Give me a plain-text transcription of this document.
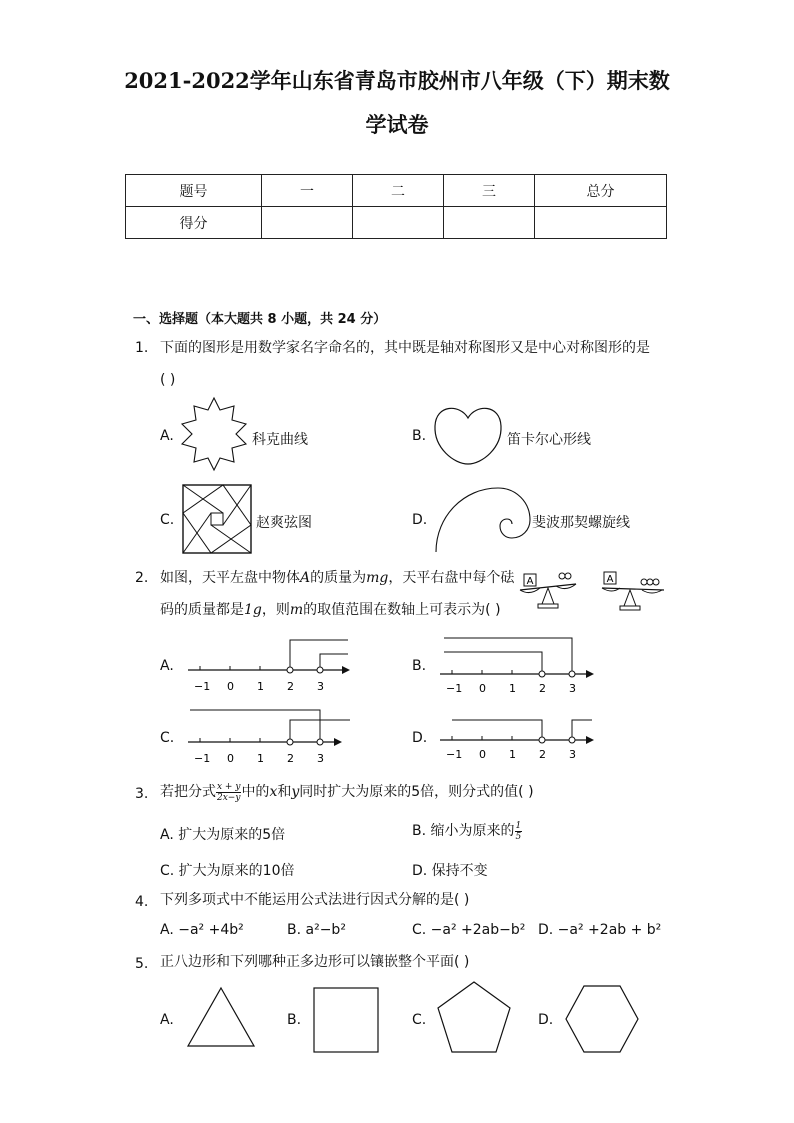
2021-2022学年山东省青岛市胶州市八年级（下）期末数
学试卷
题号	一	二	三	总分
得分				
一、选择题（本大题共 8 小题，共 24 分）
1. 下面的图形是用数学家名字命名的，其中既是轴对称图形又是中心对称图形的是
( )
A.	科克曲线	B.	笛卡尔心形线
C.	赵爽弦图	D.	斐波那契螺旋线
2. 如图，天平左盘中物体A的质量为mg，天平右盘中每个砝
码的质量都是1g，则m的取值范围在数轴上可表示为( )
A	A
A.
−1 0 1 2 3
B.
−1 0 1 2 3
C.
−1 0 1 2 3
D.
−1 0 1 2 3
3. 若把分式 $\frac{x + y}{2x-y}$ 中的x和y同时扩大为原来的5倍，则分式的值( )
A. 扩大为原来的5倍	B. 缩小为原来的 $\frac{1}{5}$
C. 扩大为原来的10倍	D. 保持不变
4. 下列多项式中不能运用公式法进行因式分解的是( )
A. −a² +4b²	B. a²−b²	C. −a² +2ab−b² D. −a² +2ab + b²
5. 正八边形和下列哪种正多边形可以镶嵌整个平面( )
A.	B.	C.	D.
